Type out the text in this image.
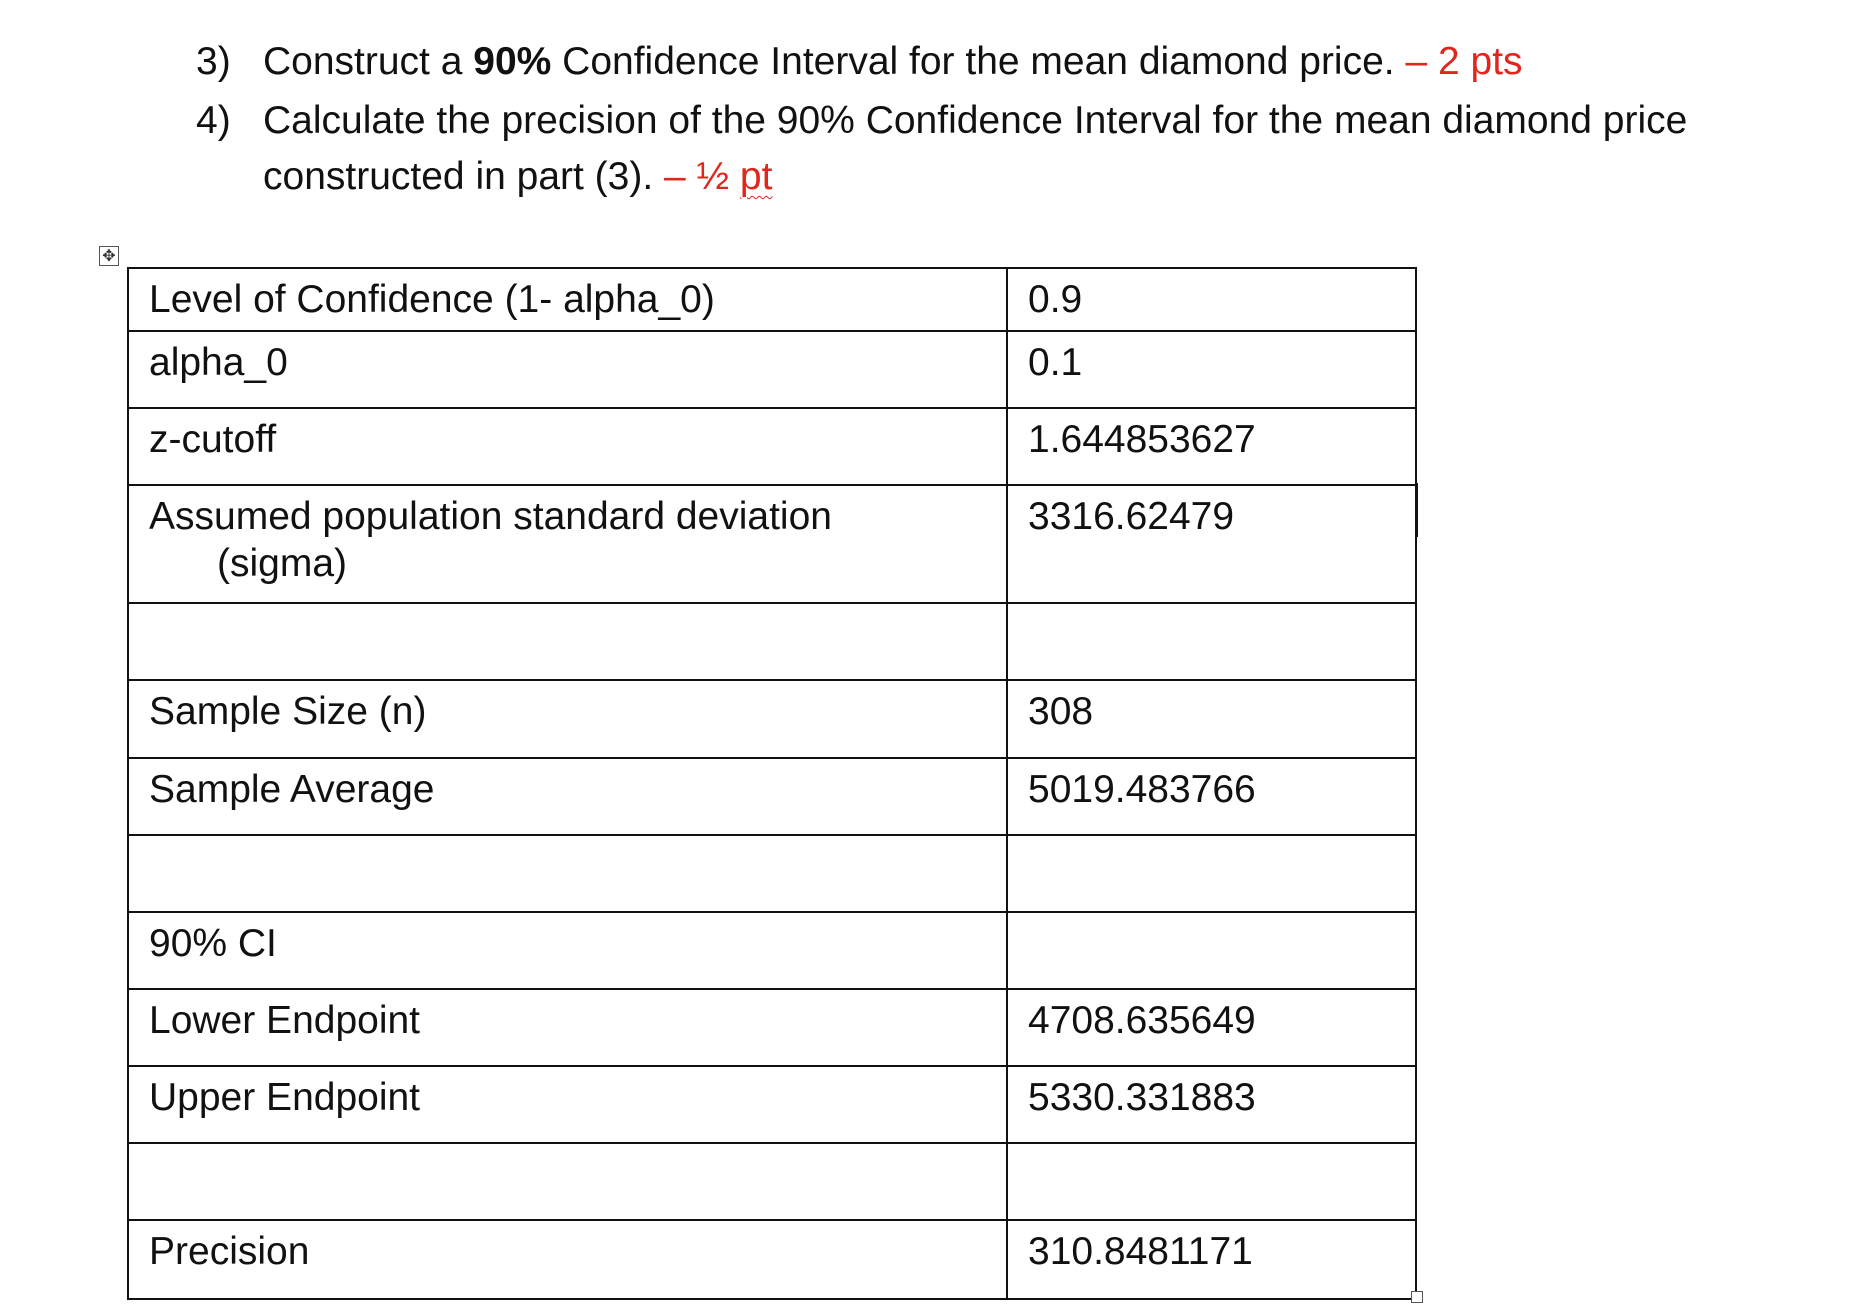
3) Construct a 90% Confidence Interval for the mean diamond price. – 2 pts
4) Calculate the precision of the 90% Confidence Interval for the mean diamond price
constructed in part (3). – ½ pt
✥
Level of Confidence (1- alpha_0)	0.9
alpha_0	0.1
z-cutoff	1.644853627
Assumed population standard deviation
(sigma)	3316.62479

Sample Size (n)	308
Sample Average	5019.483766

90% CI	
Lower Endpoint	4708.635649
Upper Endpoint	5330.331883

Precision	310.8481171
